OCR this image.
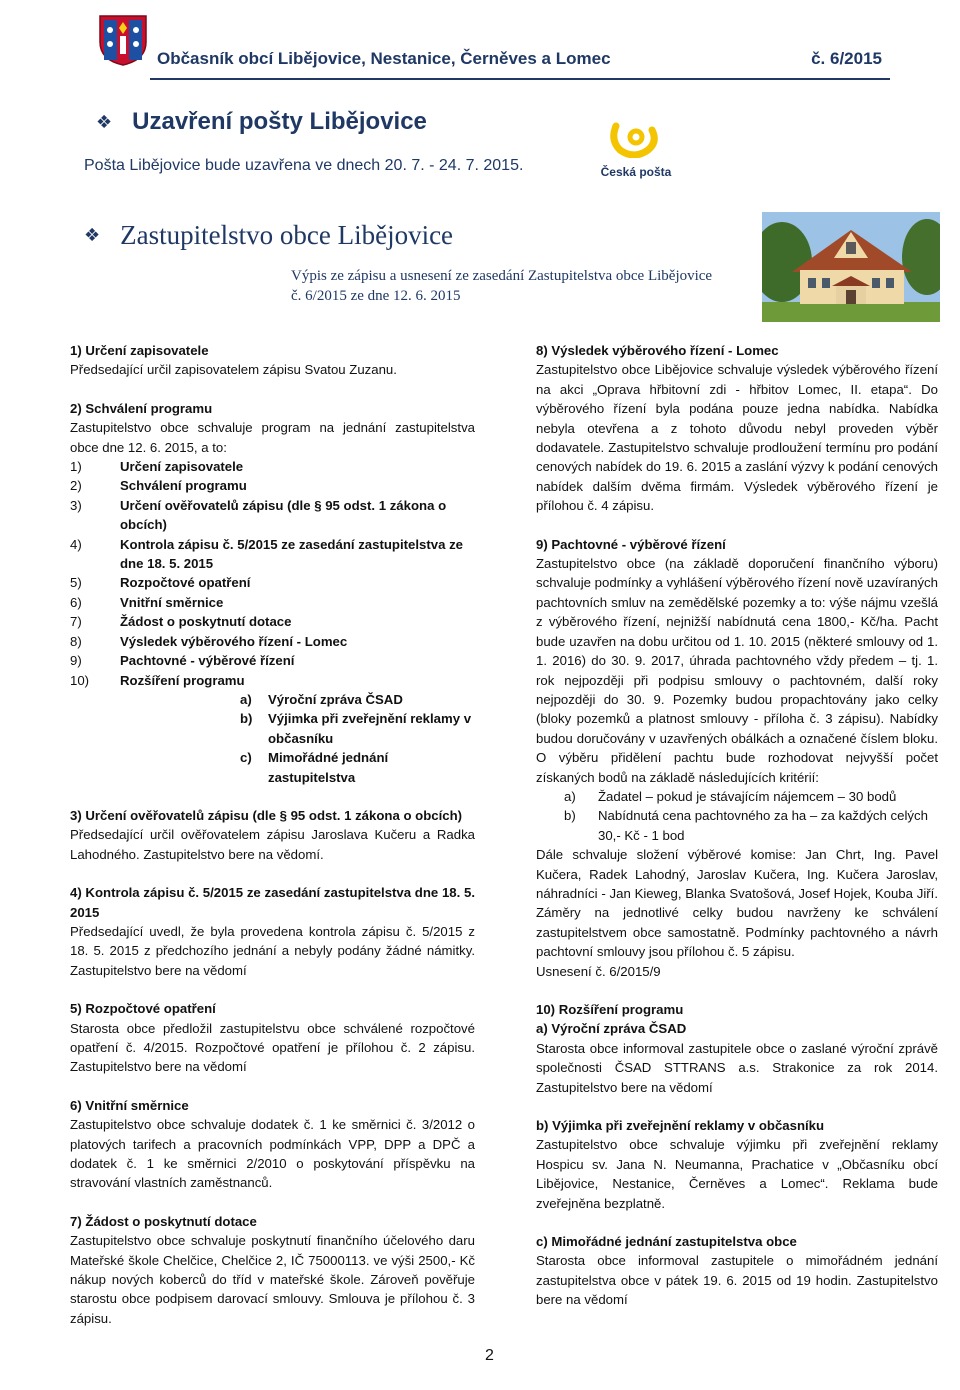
Občasník obcí Libějovice, Nestanice, Černěves a Lomec	č. 6/2015
❖ Uzavření pošty Libějovice
Pošta Libějovice bude uzavřena ve dnech 20. 7. - 24. 7. 2015.	Česká pošta
❖ Zastupitelstvo obce Libějovice
Výpis ze zápisu a usnesení ze zasedání Zastupitelstva obce Libějovice
č. 6/2015 ze dne 12. 6. 2015

1) Určení zapisovatele

Předsedající určil zapisovatelem zápisu Svatou Zuzanu.

2) Schválení programu

Zastupitelstvo obce schvaluje program na jednání zastupitelstva obce dne 12. 6. 2015, a to:

1)	Určení zapisovatele
2)	Schválení programu
3)	Určení ověřovatelů zápisu (dle § 95 odst. 1 zákona o obcích)
4)	Kontrola zápisu č. 5/2015 ze zasedání zastupitelstva ze dne 18. 5. 2015
5)	Rozpočtové opatření
6)	Vnitřní směrnice
7)	Žádost o poskytnutí dotace
8)	Výsledek výběrového řízení - Lomec
9)	Pachtovné - výběrové řízení
10)	Rozšíření programu
a)	Výroční zpráva ČSAD
b)	Výjimka při zveřejnění reklamy v občasníku
c)	Mimořádné jednání zastupitelstva

3) Určení ověřovatelů zápisu (dle § 95 odst. 1 zákona o obcích)

Předsedající určil ověřovatelem zápisu Jaroslava Kučeru a Radka Lahodného. Zastupitelstvo bere na vědomí.

4) Kontrola zápisu č. 5/2015 ze zasedání zastupitelstva dne 18. 5. 2015

Předsedající uvedl, že byla provedena kontrola zápisu č. 5/2015 z 18. 5. 2015 z předchozího jednání a nebyly podány žádné námitky. Zastupitelstvo bere na vědomí

5) Rozpočtové opatření

Starosta obce předložil zastupitelstvu obce schválené rozpočtové opatření č. 4/2015. Rozpočtové opatření je přílohou č. 2 zápisu. Zastupitelstvo bere na vědomí

6) Vnitřní směrnice

Zastupitelstvo obce schvaluje dodatek č. 1 ke směrnici č. 3/2012 o platových tarifech a pracovních podmínkách VPP, DPP a DPČ a dodatek č. 1 ke směrnici 2/2010 o poskytování příspěvku na stravování vlastních zaměstnanců.

7) Žádost o poskytnutí dotace

Zastupitelstvo obce schvaluje poskytnutí finančního účelového daru Mateřské škole Chelčice, Chelčice 2, IČ 75000113. ve výši 2500,- Kč nákup nových koberců do tříd v mateřské škole. Zároveň pověřuje starostu obce podpisem darovací smlouvy. Smlouva je přílohou č. 3 zápisu.

8) Výsledek výběrového řízení - Lomec

Zastupitelstvo obce Libějovice schvaluje výsledek výběrového řízení na akci „Oprava hřbitovní zdi - hřbitov Lomec, II. etapa“. Do výběrového řízení byla podána pouze jedna nabídka. Nabídka nebyla otevřena a z tohoto důvodu nebyl proveden výběr dodavatele. Zastupitelstvo schvaluje prodloužení termínu pro podání cenových nabídek do 19. 6. 2015 a zaslání výzvy k podání cenových nabídek dalším dvěma firmám. Výsledek výběrového řízení je přílohou č. 4 zápisu.

9) Pachtovné - výběrové řízení

Zastupitelstvo obce (na základě doporučení finančního výboru) schvaluje podmínky a vyhlášení výběrového řízení nově uzavíraných pachtovních smluv na zemědělské pozemky a to: výše nájmu vzešlá z výběrového řízení, nejnižší nabídnutá cena 1800,- Kč/ha. Pacht bude uzavřen na dobu určitou od 1. 10. 2015 (některé smlouvy od 1. 1. 2016) do 30. 9. 2017, úhrada pachtovného vždy předem – tj. 1. rok nejpozději při podpisu smlouvy o pachtovném, další roky nejpozději do 30. 9. Pozemky budou propachtovány jako celky (bloky pozemků a platnost smlouvy - příloha č. 3 zápisu). Nabídky budou doručovány v uzavřených obálkách a označené číslem bloku. O výběru přidělení pachtu bude rozhodovat nejvyšší počet získaných bodů na základě následujících kritérií:

a)	Žadatel – pokud je stávajícím nájemcem – 30 bodů
b)	Nabídnutá cena pachtovného za ha – za každých celých 30,- Kč - 1 bod

Dále schvaluje složení výběrové komise: Jan Chrt, Ing. Pavel Kučera, Radek Lahodný, Jaroslav Kučera, Ing. Kučera Jaroslav, náhradníci - Jan Kieweg, Blanka Svatošová, Josef Hojek, Kouba Jiří. Záměry na jednotlivé celky budou navrženy ke schválení zastupitelstvem obce samostatně. Podmínky pachtovného a návrh pachtovní smlouvy jsou přílohou č. 5 zápisu.

Usnesení č. 6/2015/9

10) Rozšíření programu

a) Výroční zpráva ČSAD

Starosta obce informoval zastupitele obce o zaslané výroční zprávě společnosti ČSAD STTRANS a.s. Strakonice za rok 2014. Zastupitelstvo bere na vědomí

b) Výjimka při zveřejnění reklamy v občasníku

Zastupitelstvo obce schvaluje výjimku při zveřejnění reklamy Hospicu sv. Jana N. Neumanna, Prachatice v „Občasníku obcí Libějovice, Nestanice, Černěves a Lomec“. Reklama bude zveřejněna bezplatně.

c) Mimořádné jednání zastupitelstva obce

Starosta obce informoval zastupitele o mimořádném jednání zastupitelstva obce v pátek 19. 6. 2015 od 19 hodin. Zastupitelstvo bere na vědomí

2
